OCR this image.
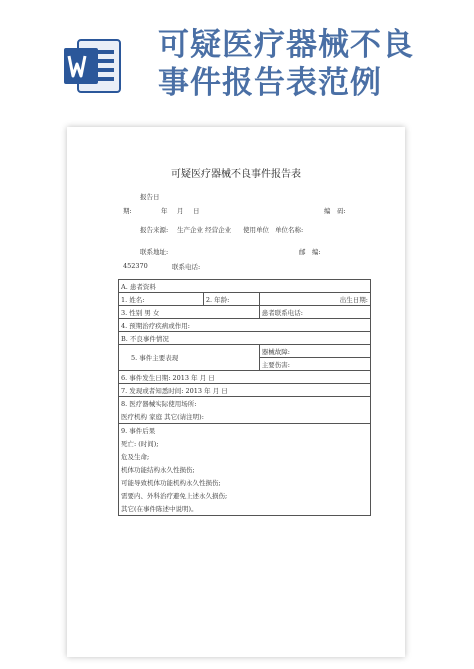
可疑医疗器械不良
事件报告表范例
可疑医疗器械不良事件报告表
报告日
期:	年 月 日	编　码:
报告来源: 生产企业 经营企业 使用单位 单位名称:
联系地址:	邮　编:
452370	联系电话:
A. 患者资料		
1. 姓名:	2. 年龄:	出生日期:
3. 性别 男 女		患者联系电话:
4. 预期治疗疾病或作用:		
B. 不良事件情况		
5. 事件主要表现		器械故障:
		主要伤害:
6. 事件发生日期: 2013 年 月 日		
7. 发现或者知悉时间: 2013 年 月 日		
8. 医疗器械实际使用场所:		
医疗机构 家庭 其它(请注明):		
9. 事件后果		
死亡: (时间);		
危及生命;		
机体功能结构永久性损伤;		
可能导致机体功能机构永久性损伤;		
需要内、外科治疗避免上述永久损伤;		
其它(在事件陈述中说明)。		
